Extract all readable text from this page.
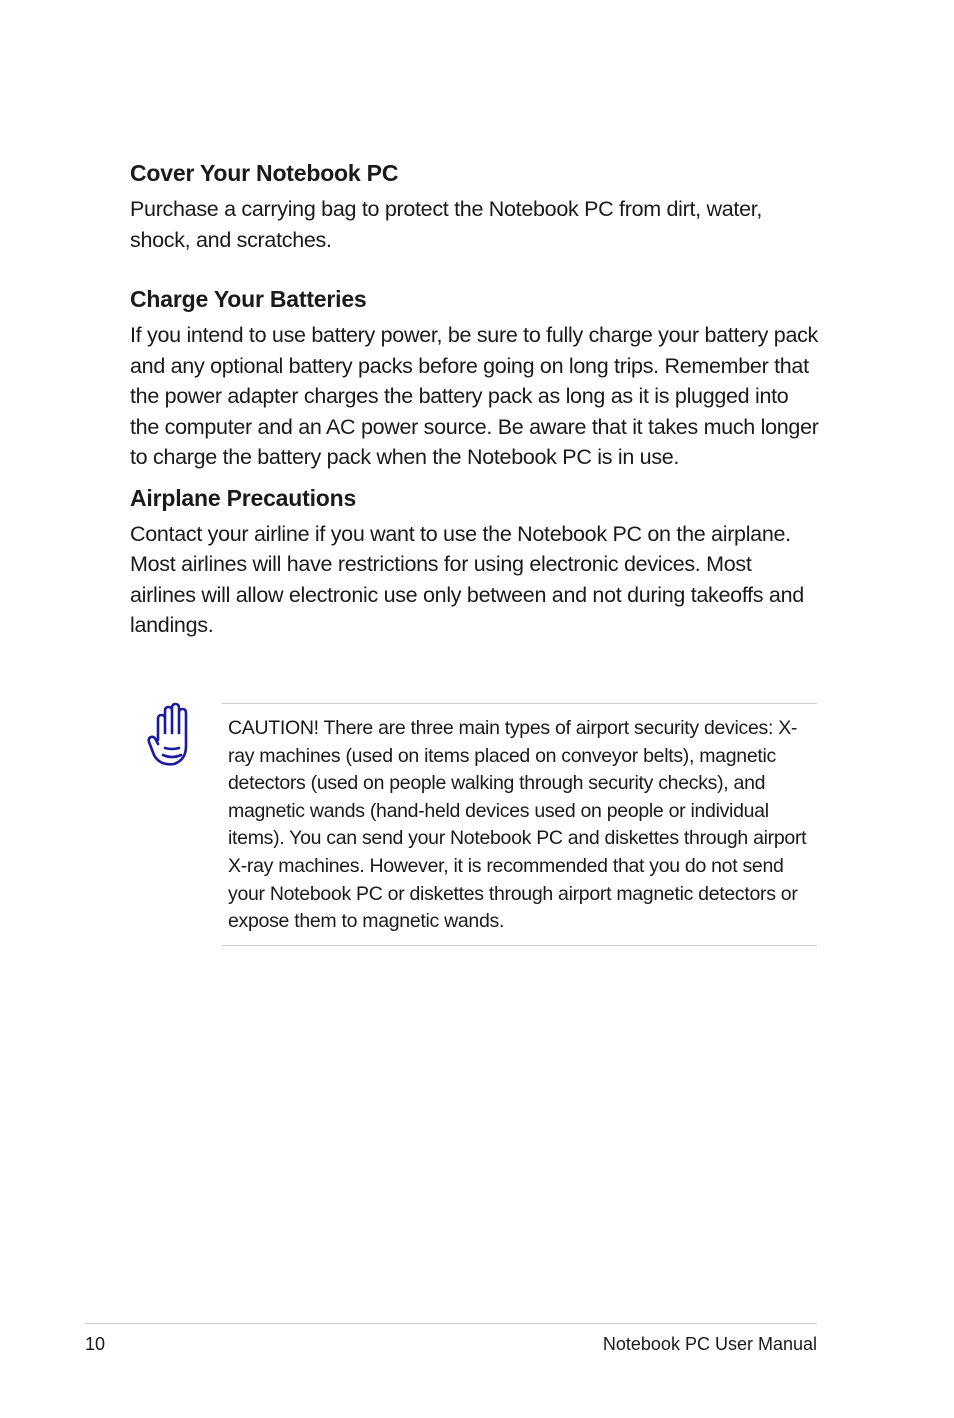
Cover Your Notebook PC

Purchase a carrying bag to protect the Notebook PC from dirt, water, shock, and scratches.

Charge Your Batteries

If you intend to use battery power, be sure to fully charge your battery pack and any optional battery packs before going on long trips. Remember that the power adapter charges the battery pack as long as it is plugged into the computer and an AC power source. Be aware that it takes much longer to charge the battery pack when the Notebook PC is in use.

Airplane Precautions

Contact your airline if you want to use the Notebook PC on the airplane. Most airlines will have restrictions for using electronic devices. Most airlines will allow electronic use only between and not during takeoffs and landings.

CAUTION! There are three main types of airport security devices: X-ray machines (used on items placed on conveyor belts), magnetic detectors (used on people walking through security checks), and magnetic wands (hand-held devices used on people or individual items). You can send your Notebook PC and diskettes through airport X-ray machines. However, it is recommended that you do not send your Notebook PC or diskettes through airport magnetic detectors or expose them to magnetic wands.

10	Notebook PC User Manual
